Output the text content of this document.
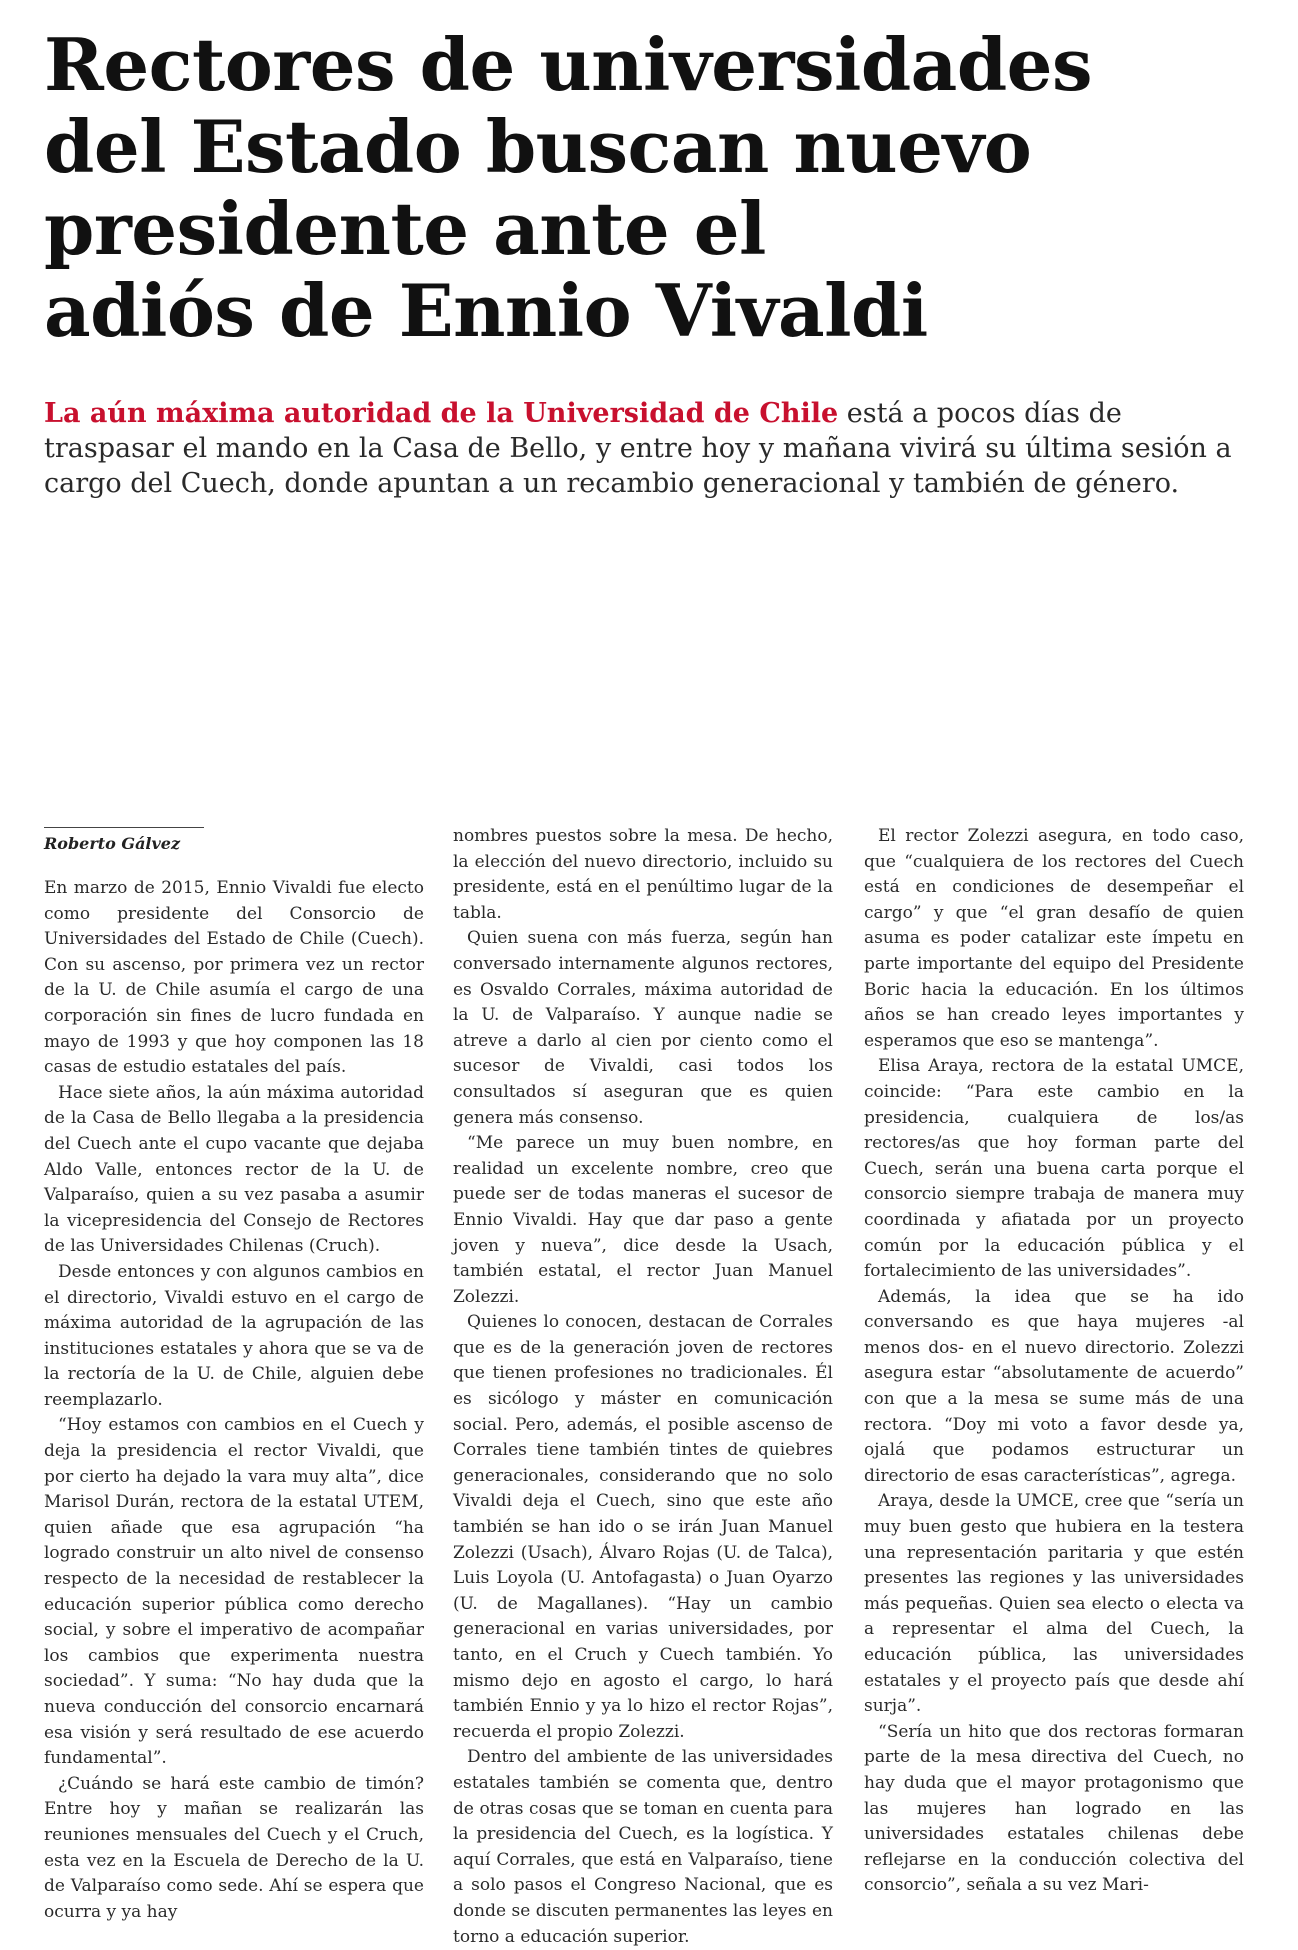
Rectores de universidades
del Estado buscan nuevo
presidente ante el
adiós de Ennio Vivaldi

La aún máxima autoridad de la Universidad de Chile está a pocos días de traspasar el mando en la Casa de Bello, y entre hoy y mañana vivirá su última sesión a cargo del Cuech, donde apuntan a un recambio generacional y también de género.

Roberto Gálvez

En marzo de 2015, Ennio Vivaldi fue electo como presidente del Consorcio de Universidades del Estado de Chile (Cuech). Con su ascenso, por primera vez un rector de la U. de Chile asumía el cargo de una corporación sin fines de lucro fundada en mayo de 1993 y que hoy componen las 18 casas de estudio estatales del país.

Hace siete años, la aún máxima autoridad de la Casa de Bello llegaba a la presidencia del Cuech ante el cupo vacante que dejaba Aldo Valle, entonces rector de la U. de Valparaíso, quien a su vez pasaba a asumir la vicepresidencia del Consejo de Rectores de las Universidades Chilenas (Cruch).

Desde entonces y con algunos cambios en el directorio, Vivaldi estuvo en el cargo de máxima autoridad de la agrupación de las instituciones estatales y ahora que se va de la rectoría de la U. de Chile, alguien debe reemplazarlo.

“Hoy estamos con cambios en el Cuech y deja la presidencia el rector Vivaldi, que por cierto ha dejado la vara muy alta”, dice Marisol Durán, rectora de la estatal UTEM, quien añade que esa agrupación “ha logrado construir un alto nivel de consenso respecto de la necesidad de restablecer la educación superior pública como derecho social, y sobre el imperativo de acompañar los cambios que experimenta nuestra sociedad”. Y suma: “No hay duda que la nueva conducción del consorcio encarnará esa visión y será resultado de ese acuerdo fundamental”.

¿Cuándo se hará este cambio de timón? Entre hoy y mañan se realizarán las reuniones mensuales del Cuech y el Cruch, esta vez en la Escuela de Derecho de la U. de Valparaíso como sede. Ahí se espera que ocurra y ya hay

nombres puestos sobre la mesa. De hecho, la elección del nuevo directorio, incluido su presidente, está en el penúltimo lugar de la tabla.

Quien suena con más fuerza, según han conversado internamente algunos rectores, es Osvaldo Corrales, máxima autoridad de la U. de Valparaíso. Y aunque nadie se atreve a darlo al cien por ciento como el sucesor de Vivaldi, casi todos los consultados sí aseguran que es quien genera más consenso.

“Me parece un muy buen nombre, en realidad un excelente nombre, creo que puede ser de todas maneras el sucesor de Ennio Vivaldi. Hay que dar paso a gente joven y nueva”, dice desde la Usach, también estatal, el rector Juan Manuel Zolezzi.

Quienes lo conocen, destacan de Corrales que es de la generación joven de rectores que tienen profesiones no tradicionales. Él es sicólogo y máster en comunicación social. Pero, además, el posible ascenso de Corrales tiene también tintes de quiebres generacionales, considerando que no solo Vivaldi deja el Cuech, sino que este año también se han ido o se irán Juan Manuel Zolezzi (Usach), Álvaro Rojas (U. de Talca), Luis Loyola (U. Antofagasta) o Juan Oyarzo (U. de Magallanes). “Hay un cambio generacional en varias universidades, por tanto, en el Cruch y Cuech también. Yo mismo dejo en agosto el cargo, lo hará también Ennio y ya lo hizo el rector Rojas”, recuerda el propio Zolezzi.

Dentro del ambiente de las universidades estatales también se comenta que, dentro de otras cosas que se toman en cuenta para la presidencia del Cuech, es la logística. Y aquí Corrales, que está en Valparaíso, tiene a solo pasos el Congreso Nacional, que es donde se discuten permanentes las leyes en torno a educación superior.

El rector Zolezzi asegura, en todo caso, que “cualquiera de los rectores del Cuech está en condiciones de desempeñar el cargo” y que “el gran desafío de quien asuma es poder catalizar este ímpetu en parte importante del equipo del Presidente Boric hacia la educación. En los últimos años se han creado leyes importantes y esperamos que eso se mantenga”.

Elisa Araya, rectora de la estatal UMCE, coincide: “Para este cambio en la presidencia, cualquiera de los/as rectores/as que hoy forman parte del Cuech, serán una buena carta porque el consorcio siempre trabaja de manera muy coordinada y afiatada por un proyecto común por la educación pública y el fortalecimiento de las universidades”.

Además, la idea que se ha ido conversando es que haya mujeres -al menos dos- en el nuevo directorio. Zolezzi asegura estar “absolutamente de acuerdo” con que a la mesa se sume más de una rectora. “Doy mi voto a favor desde ya, ojalá que podamos estructurar un directorio de esas características”, agrega.

Araya, desde la UMCE, cree que “sería un muy buen gesto que hubiera en la testera una representación paritaria y que estén presentes las regiones y las universidades más pequeñas. Quien sea electo o electa va a representar el alma del Cuech, la educación pública, las universidades estatales y el proyecto país que desde ahí surja”.

“Sería un hito que dos rectoras formaran parte de la mesa directiva del Cuech, no hay duda que el mayor protagonismo que las mujeres han logrado en las universidades estatales chilenas debe reflejarse en la conducción colectiva del consorcio”, señala a su vez Mari-
